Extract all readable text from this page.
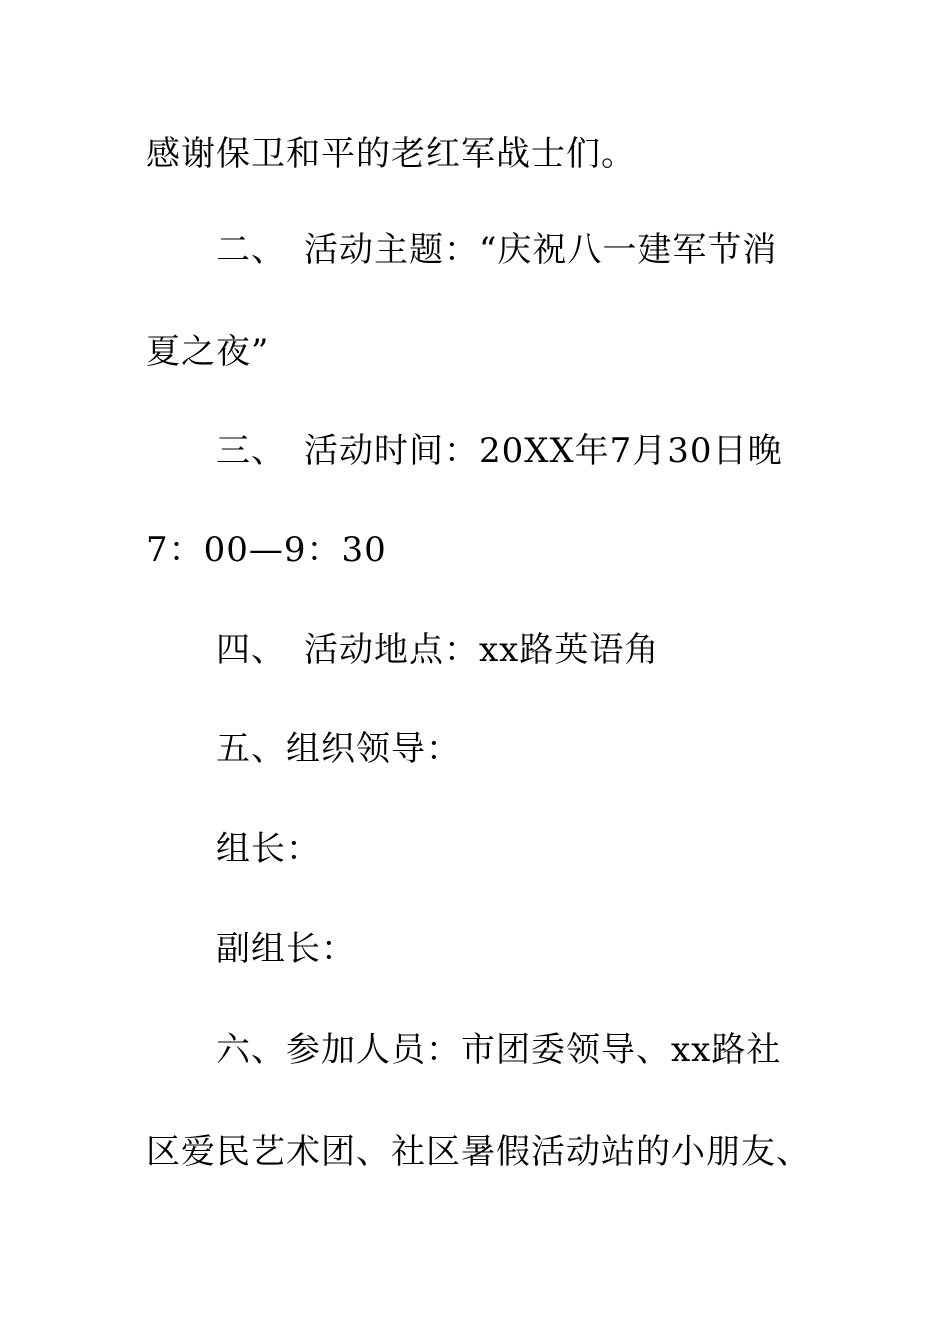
感谢保卫和平的老红军战士们。
二、 活动主题：“庆祝八一建军节消
夏之夜”
三、 活动时间：20XX年7月30日晚
7：00—9：30
四、 活动地点：xx路英语角
五、组织领导：
组长：
副组长：
六、参加人员：市团委领导、xx路社
区爱民艺术团、社区暑假活动站的小朋友、
